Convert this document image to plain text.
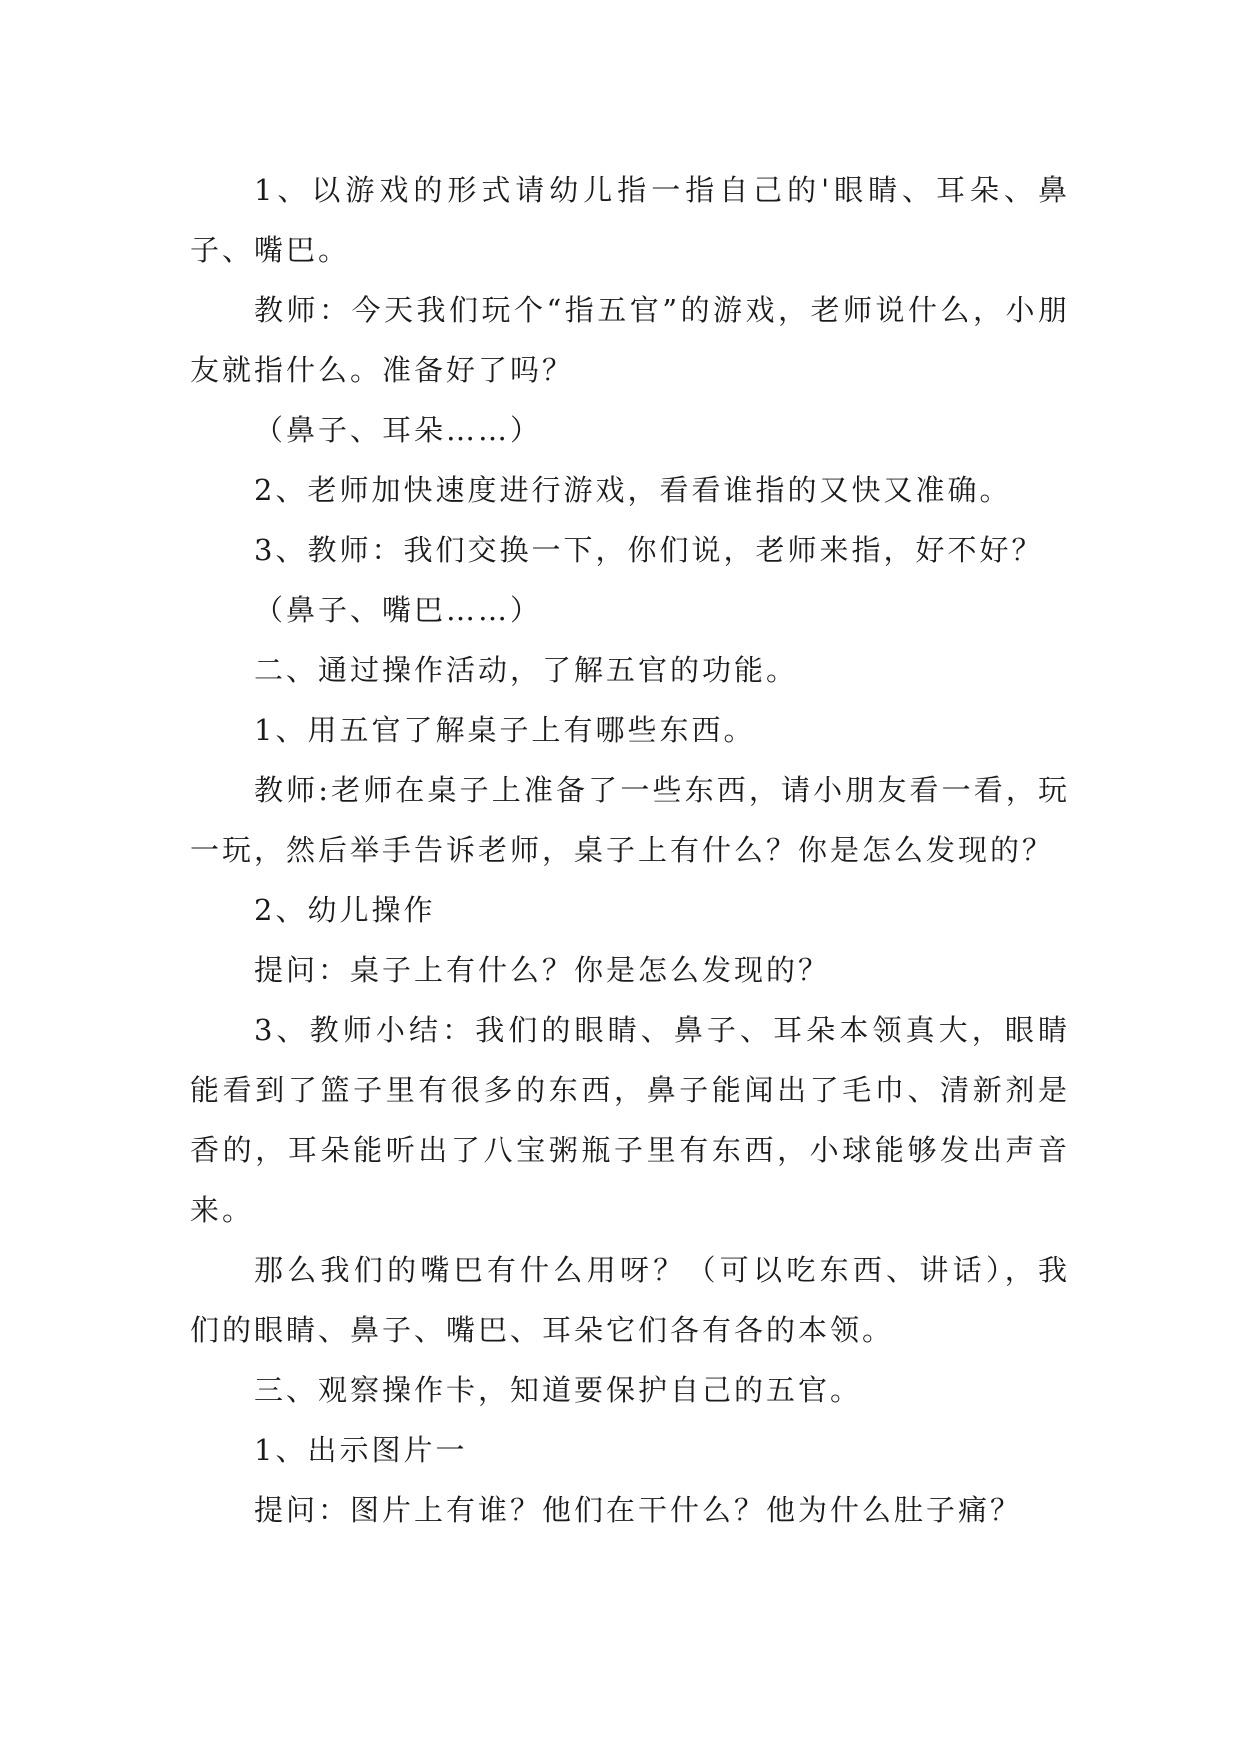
1、以游戏的形式请幼儿指一指自己的'眼睛、耳朵、鼻子、嘴巴。

教师：今天我们玩个“指五官”的游戏，老师说什么，小朋友就指什么。准备好了吗？

（鼻子、耳朵……）

2、老师加快速度进行游戏，看看谁指的又快又准确。

3、教师：我们交换一下，你们说，老师来指，好不好？

（鼻子、嘴巴……）

二、通过操作活动，了解五官的功能。

1、用五官了解桌子上有哪些东西。

教师:老师在桌子上准备了一些东西，请小朋友看一看，玩一玩，然后举手告诉老师，桌子上有什么？你是怎么发现的？

2、幼儿操作

提问：桌子上有什么？你是怎么发现的？

3、教师小结：我们的眼睛、鼻子、耳朵本领真大，眼睛能看到了篮子里有很多的东西，鼻子能闻出了毛巾、清新剂是香的，耳朵能听出了八宝粥瓶子里有东西，小球能够发出声音来。

那么我们的嘴巴有什么用呀？（可以吃东西、讲话），我们的眼睛、鼻子、嘴巴、耳朵它们各有各的本领。

三、观察操作卡，知道要保护自己的五官。

1、出示图片一

提问：图片上有谁？他们在干什么？他为什么肚子痛？
